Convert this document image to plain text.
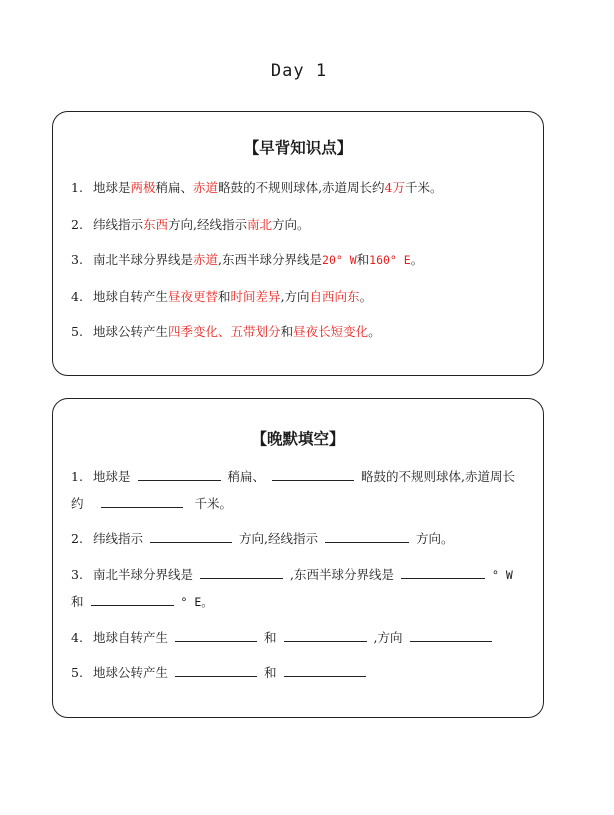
Day 1
【早背知识点】
1. 地球是两极稍扁、赤道略鼓的不规则球体,赤道周长约4万千米。
2. 纬线指示东西方向,经线指示南北方向。
3. 南北半球分界线是赤道,东西半球分界线是20° W和160° E。
4. 地球自转产生昼夜更替和时间差异,方向自西向东。
5. 地球公转产生四季变化、五带划分和昼夜长短变化。
【晚默填空】
1. 地球是	稍扁、	略鼓的不规则球体,赤道周长
约	千米。
2. 纬线指示	方向,经线指示	方向。
3. 南北半球分界线是	,东西半球分界线是	° W
和	° E。
4. 地球自转产生	和	,方向
5. 地球公转产生	和
